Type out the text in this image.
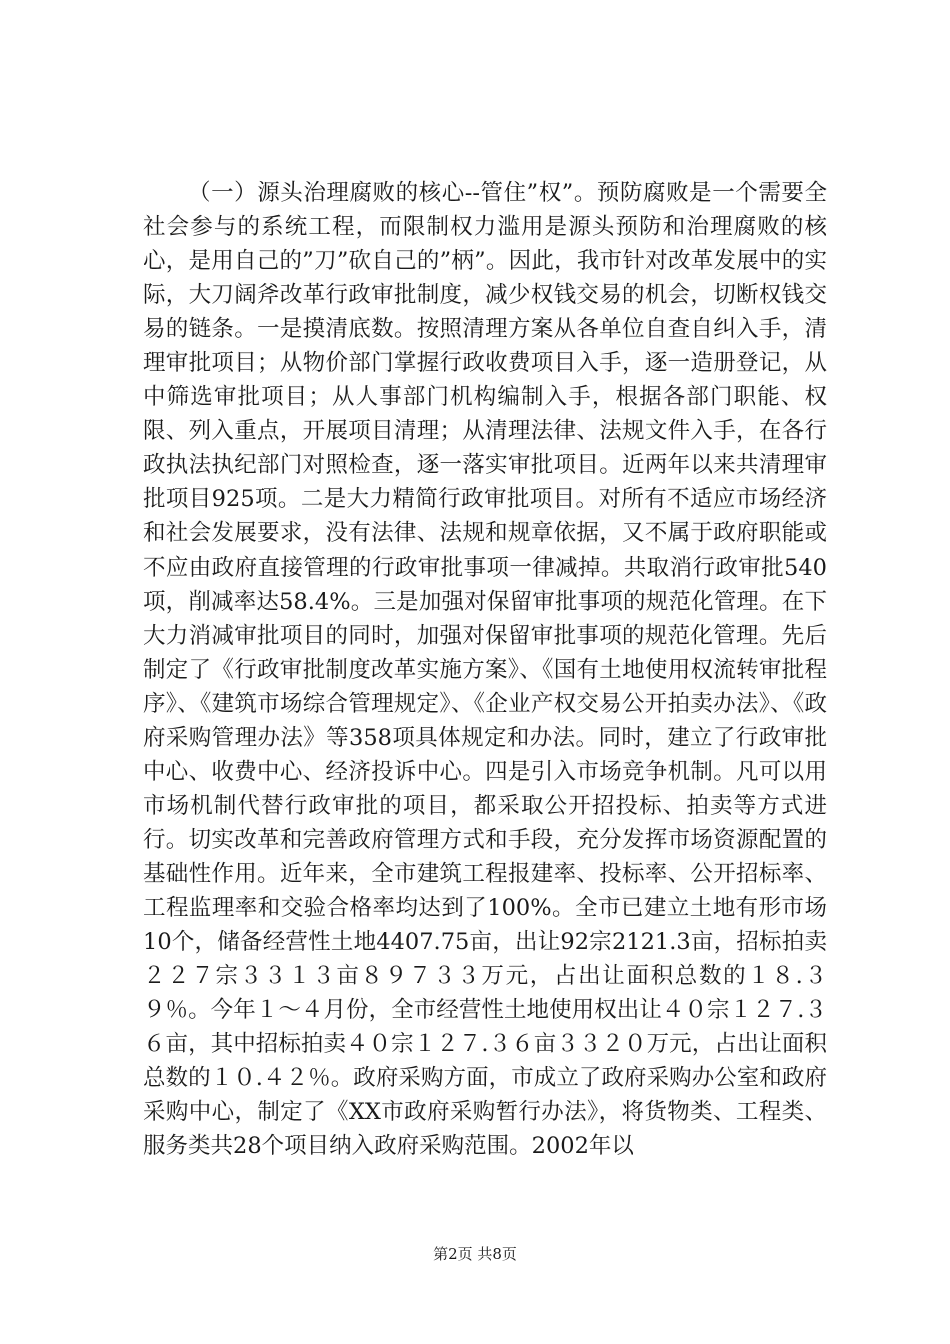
（一）源头治理腐败的核心--管住”权”。预防腐败是一个需要全社会参与的系统工程，而限制权力滥用是源头预防和治理腐败的核心，是用自己的”刀”砍自己的”柄”。因此，我市针对改革发展中的实际，大刀阔斧改革行政审批制度，减少权钱交易的机会，切断权钱交易的链条。一是摸清底数。按照清理方案从各单位自查自纠入手，清理审批项目；从物价部门掌握行政收费项目入手，逐一造册登记，从中筛选审批项目；从人事部门机构编制入手，根据各部门职能、权限、列入重点，开展项目清理；从清理法律、法规文件入手，在各行政执法执纪部门对照检查，逐一落实审批项目。近两年以来共清理审批项目925项。二是大力精简行政审批项目。对所有不适应市场经济和社会发展要求，没有法律、法规和规章依据，又不属于政府职能或不应由政府直接管理的行政审批事项一律减掉。共取消行政审批540项，削减率达58.4%。三是加强对保留审批事项的规范化管理。在下大力消减审批项目的同时，加强对保留审批事项的规范化管理。先后制定了《行政审批制度改革实施方案》、《国有土地使用权流转审批程序》、《建筑市场综合管理规定》、《企业产权交易公开拍卖办法》、《政府采购管理办法》等358项具体规定和办法。同时，建立了行政审批中心、收费中心、经济投诉中心。四是引入市场竞争机制。凡可以用市场机制代替行政审批的项目，都采取公开招投标、拍卖等方式进行。切实改革和完善政府管理方式和手段，充分发挥市场资源配置的基础性作用。近年来，全市建筑工程报建率、投标率、公开招标率、工程监理率和交验合格率均达到了100%。全市已建立土地有形市场10个，储备经营性土地4407.75亩，出让92宗2121.3亩，招标拍卖２２７宗３３１３亩８９７３３万元，占出让面积总数的１８.３９％。今年１～４月份，全市经营性土地使用权出让４０宗１２７.３６亩，其中招标拍卖４０宗１２７.３６亩３３２０万元，占出让面积总数的１０.４２％。政府采购方面，市成立了政府采购办公室和政府采购中心，制定了《XX市政府采购暂行办法》，将货物类、工程类、服务类共28个项目纳入政府采购范围。2002年以

第2页 共8页
